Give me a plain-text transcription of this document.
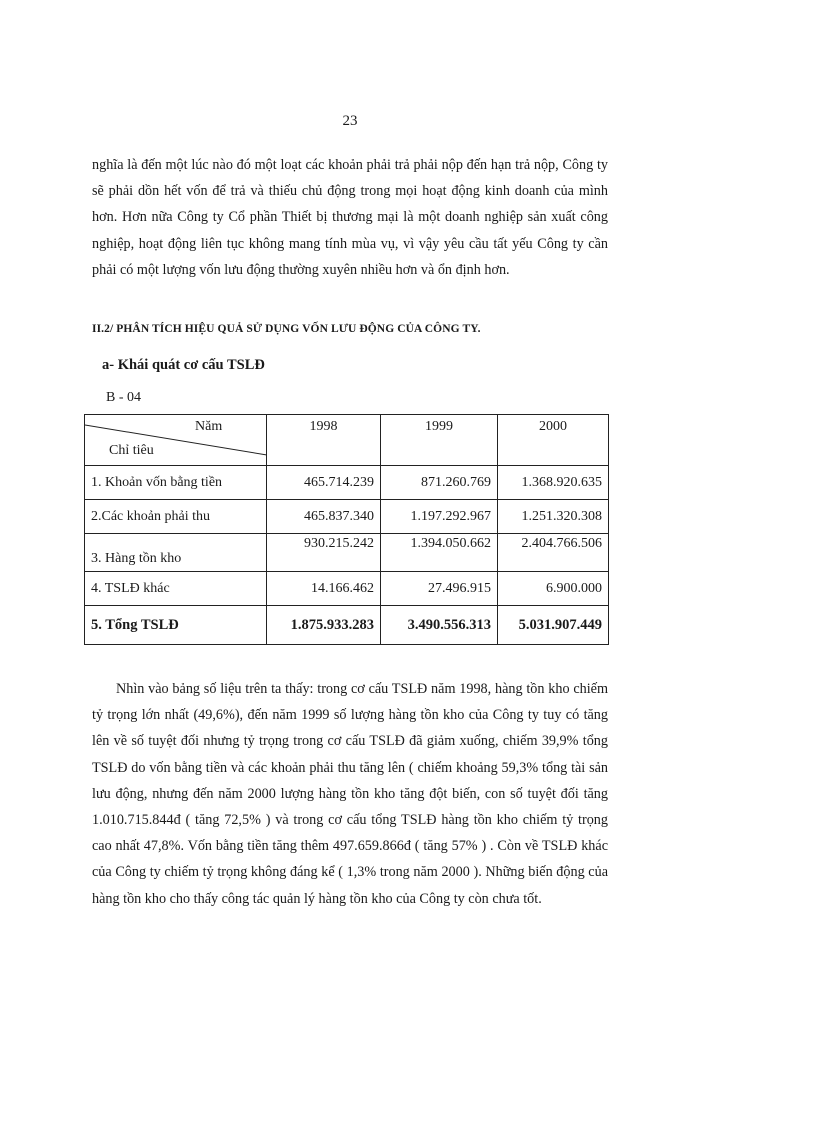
23

nghĩa là đến một lúc nào đó một loạt các khoản phải trả phải nộp đến hạn trả nộp, Công ty sẽ phải dồn hết vốn để trả và thiếu chủ động trong mọi hoạt động kinh doanh của mình hơn. Hơn nữa Công ty Cổ phần Thiết bị thương mại là một doanh nghiệp sản xuất công nghiệp, hoạt động liên tục không mang tính mùa vụ, vì vậy yêu cầu tất yếu Công ty cần phải có một lượng vốn lưu động thường xuyên nhiều hơn và ổn định hơn.

II.2/ PHÂN TÍCH HIỆU QUẢ SỬ DỤNG VỐN LƯU ĐỘNG CỦA CÔNG TY.

a- Khái quát cơ cấu TSLĐ

B - 04
Năm
Chỉ tiêu	1998	1999	2000
1. Khoản vốn bằng tiền	465.714.239	871.260.769	1.368.920.635
2.Các khoản phải thu	465.837.340	1.197.292.967	1.251.320.308
3. Hàng tồn kho	930.215.242	1.394.050.662	2.404.766.506
4. TSLĐ khác	14.166.462	27.496.915	6.900.000
5. Tổng TSLĐ	1.875.933.283	3.490.556.313	5.031.907.449

Nhìn vào bảng số liệu trên ta thấy: trong cơ cấu TSLĐ năm 1998, hàng tồn kho chiếm tỷ trọng lớn nhất (49,6%), đến năm 1999 số lượng hàng tồn kho của Công ty tuy có tăng lên về số tuyệt đối nhưng tỷ trọng trong cơ cấu TSLĐ đã giảm xuống, chiếm 39,9% tổng TSLĐ do vốn bằng tiền và các khoản phải thu tăng lên ( chiếm khoảng 59,3% tổng tài sản lưu động, nhưng đến năm 2000 lượng hàng tồn kho tăng đột biến, con số tuyệt đối tăng 1.010.715.844đ ( tăng 72,5% ) và trong cơ cấu tổng TSLĐ hàng tồn kho chiếm tỷ trọng cao nhất 47,8%. Vốn bằng tiền tăng thêm 497.659.866đ ( tăng 57% ) . Còn về TSLĐ khác của Công ty chiếm tỷ trọng không đáng kể ( 1,3% trong năm 2000 ). Những biến động của hàng tồn kho cho thấy công tác quản lý hàng tồn kho của Công ty còn chưa tốt.
